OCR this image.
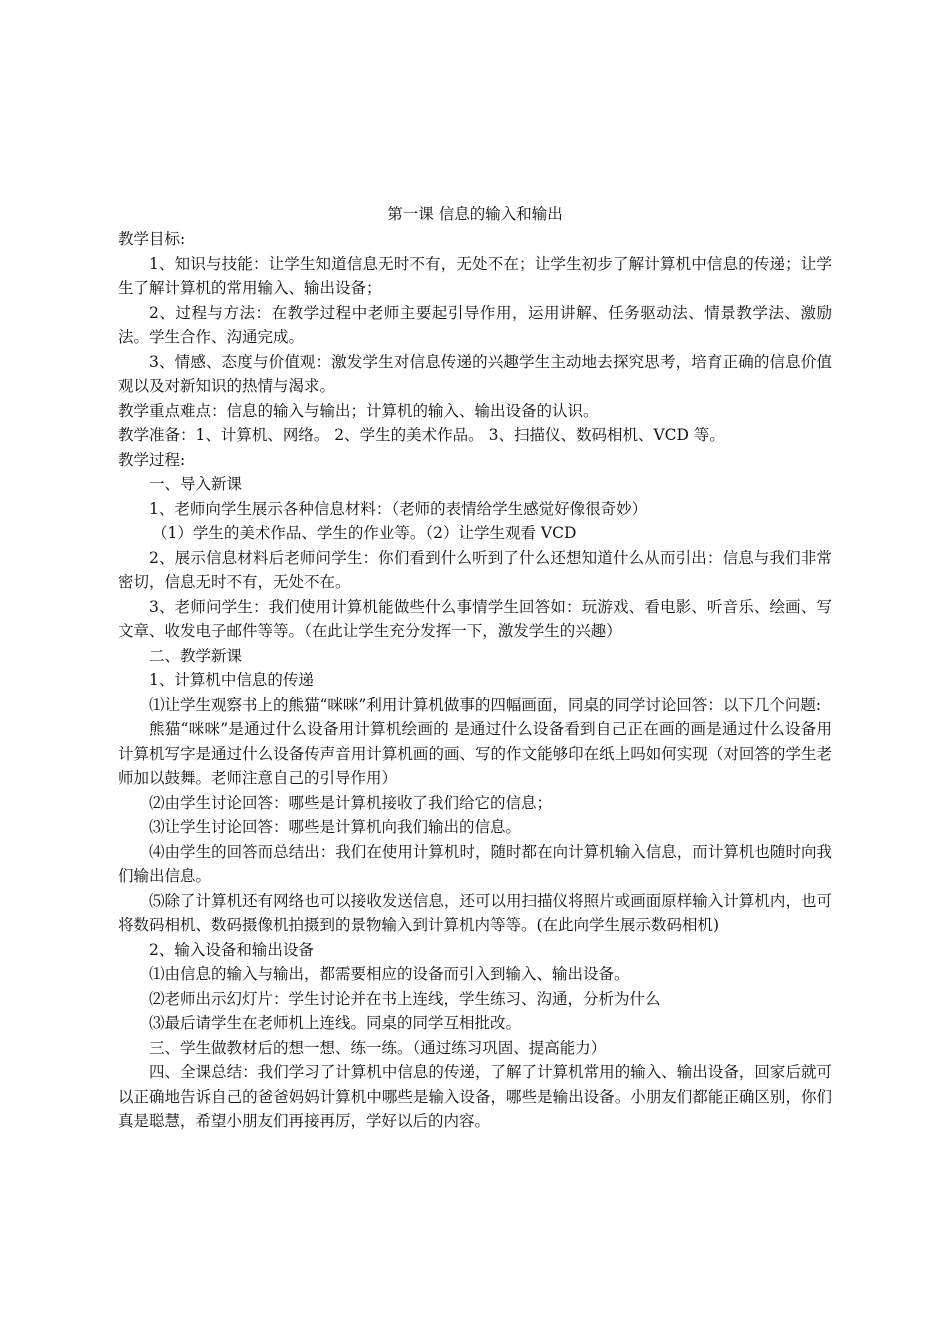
第一课 信息的输入和输出

教学目标:

1、知识与技能：让学生知道信息无时不有，无处不在；让学生初步了解计算机中信息的传递；让学生了解计算机的常用输入、输出设备；

2、过程与方法：在教学过程中老师主要起引导作用，运用讲解、任务驱动法、情景教学法、激励法。学生合作、沟通完成。

3、情感、态度与价值观：激发学生对信息传递的兴趣学生主动地去探究思考，培育正确的信息价值观以及对新知识的热情与渴求。

教学重点难点：信息的输入与输出；计算机的输入、输出设备的认识。

教学准备：1、计算机、网络。 2、学生的美术作品。 3、扫描仪、数码相机、VCD 等。

教学过程:

一、导入新课

1、老师向学生展示各种信息材料：（老师的表情给学生感觉好像很奇妙）

（1）学生的美术作品、学生的作业等。（2）让学生观看 VCD

2、展示信息材料后老师问学生：你们看到什么听到了什么还想知道什么从而引出：信息与我们非常密切，信息无时不有，无处不在。

3、老师问学生：我们使用计算机能做些什么事情学生回答如：玩游戏、看电影、听音乐、绘画、写文章、收发电子邮件等等。（在此让学生充分发挥一下，激发学生的兴趣）

二、教学新课

1、计算机中信息的传递

⑴让学生观察书上的熊猫“咪咪”利用计算机做事的四幅画面，同桌的同学讨论回答：以下几个问题:

熊猫“咪咪”是通过什么设备用计算机绘画的 是通过什么设备看到自己正在画的画是通过什么设备用计算机写字是通过什么设备传声音用计算机画的画、写的作文能够印在纸上吗如何实现（对回答的学生老师加以鼓舞。老师注意自己的引导作用）

⑵由学生讨论回答：哪些是计算机接收了我们给它的信息；

⑶让学生讨论回答：哪些是计算机向我们输出的信息。

⑷由学生的回答而总结出：我们在使用计算机时，随时都在向计算机输入信息，而计算机也随时向我们输出信息。

⑸除了计算机还有网络也可以接收发送信息，还可以用扫描仪将照片或画面原样输入计算机内，也可将数码相机、数码摄像机拍摄到的景物输入到计算机内等等。(在此向学生展示数码相机)

2、输入设备和输出设备

⑴由信息的输入与输出，都需要相应的设备而引入到输入、输出设备。

⑵老师出示幻灯片：学生讨论并在书上连线，学生练习、沟通，分析为什么

⑶最后请学生在老师机上连线。同桌的同学互相批改。

三、学生做教材后的想一想、练一练。（通过练习巩固、提高能力）

四、全课总结：我们学习了计算机中信息的传递，了解了计算机常用的输入、输出设备，回家后就可以正确地告诉自己的爸爸妈妈计算机中哪些是输入设备，哪些是输出设备。小朋友们都能正确区别，你们真是聪慧，希望小朋友们再接再厉，学好以后的内容。
